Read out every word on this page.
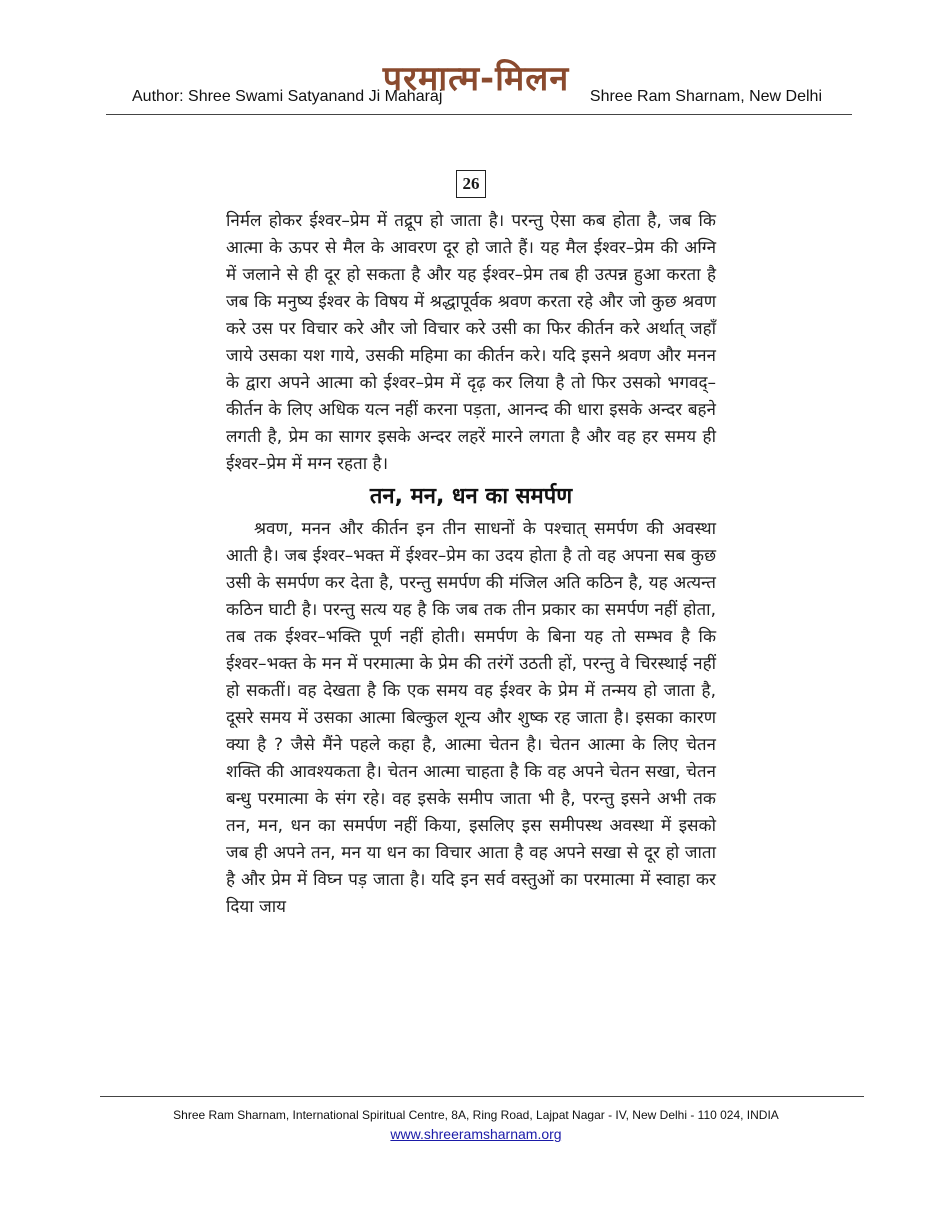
परमात्म-मिलन
Author: Shree Swami Satyanand Ji Maharaj	Shree Ram Sharnam, New Delhi
26

निर्मल होकर ईश्वर–प्रेम में तद्रूप हो जाता है। परन्तु ऐसा कब होता है, जब कि आत्मा के ऊपर से मैल के आवरण दूर हो जाते हैं। यह मैल ईश्वर–प्रेम की अग्नि में जलाने से ही दूर हो सकता है और यह ईश्वर–प्रेम तब ही उत्पन्न हुआ करता है जब कि मनुष्य ईश्वर के विषय में श्रद्धापूर्वक श्रवण करता रहे और जो कुछ श्रवण करे उस पर विचार करे और जो विचार करे उसी का फिर कीर्तन करे अर्थात् जहाँ जाये उसका यश गाये, उसकी महिमा का कीर्तन करे। यदि इसने श्रवण और मनन के द्वारा अपने आत्मा को ईश्वर–प्रेम में दृढ़ कर लिया है तो फिर उसको भगवद्–कीर्तन के लिए अधिक यत्न नहीं करना पड़ता, आनन्द की धारा इसके अन्दर बहने लगती है, प्रेम का सागर इसके अन्दर लहरें मारने लगता है और वह हर समय ही ईश्वर–प्रेम में मग्न रहता है।

तन, मन, धन का समर्पण

श्रवण, मनन और कीर्तन इन तीन साधनों के पश्चात् समर्पण की अवस्था आती है। जब ईश्वर–भक्त में ईश्वर–प्रेम का उदय होता है तो वह अपना सब कुछ उसी के समर्पण कर देता है, परन्तु समर्पण की मंजिल अति कठिन है, यह अत्यन्त कठिन घाटी है। परन्तु सत्य यह है कि जब तक तीन प्रकार का समर्पण नहीं होता, तब तक ईश्वर–भक्ति पूर्ण नहीं होती। समर्पण के बिना यह तो सम्भव है कि ईश्वर–भक्त के मन में परमात्मा के प्रेम की तरंगें उठती हों, परन्तु वे चिरस्थाई नहीं हो सकतीं। वह देखता है कि एक समय वह ईश्वर के प्रेम में तन्मय हो जाता है, दूसरे समय में उसका आत्मा बिल्कुल शून्य और शुष्क रह जाता है। इसका कारण क्या है ? जैसे मैंने पहले कहा है, आत्मा चेतन है। चेतन आत्मा के लिए चेतन शक्ति की आवश्यकता है। चेतन आत्मा चाहता है कि वह अपने चेतन सखा, चेतन बन्धु परमात्मा के संग रहे। वह इसके समीप जाता भी है, परन्तु इसने अभी तक तन, मन, धन का समर्पण नहीं किया, इसलिए इस समीपस्थ अवस्था में इसको जब ही अपने तन, मन या धन का विचार आता है वह अपने सखा से दूर हो जाता है और प्रेम में विघ्न पड़ जाता है। यदि इन सर्व वस्तुओं का परमात्मा में स्वाहा कर दिया जाय

Shree Ram Sharnam, International Spiritual Centre, 8A, Ring Road, Lajpat Nagar - IV, New Delhi - 110 024, INDIA
www.shreeramsharnam.org
